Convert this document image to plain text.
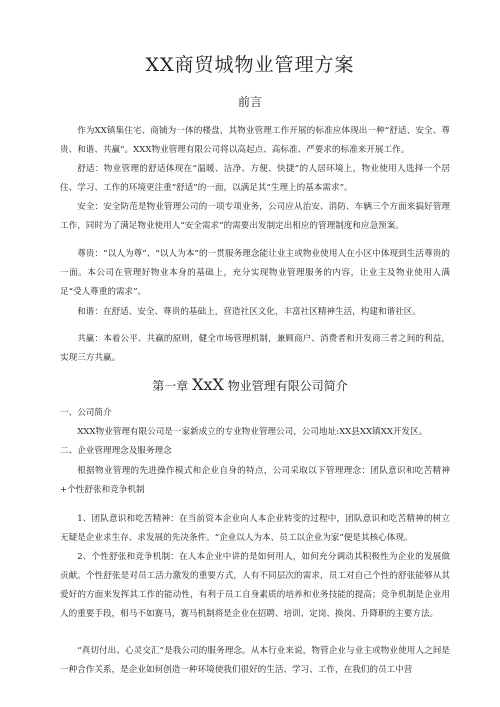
XX商贸城物业管理方案
前言

作为XX镇集住宅、商铺为一体的楼盘，其物业管理工作开展的标准应体现出一种“舒适、安全、尊贵、和谐、共赢”。XXX物业管理有限公司将以高起点、高标准、严要求的标准来开展工作。

舒适：物业管理的舒适体现在“温暖、洁净、方便、快捷”的人居环境上，物业使用人选择一个居住、学习、工作的环境更注重“舒适”的一面，以满足其“生理上的基本需求”。

安全：安全防范是物业管理公司的一项专项业务，公司应从治安、消防、车辆三个方面来搞好管理工作，同时为了满足物业使用人“安全需求”的需要出发制定出相应的管理制度和应急预案。

尊贵：“以人为尊”、“以人为本”的一贯服务理念能让业主或物业使用人在小区中体现到生活尊贵的一面。本公司在管理好物业本身的基础上，充分实现物业管理服务的内容，让业主及物业使用人满足“受人尊重的需求”。

和谐：在舒适、安全、尊贵的基础上，营造社区文化，丰富社区精神生活，构建和谐社区。

共赢：本着公平、共赢的原则，健全市场管理机制，兼顾商户、消费者和开发商三者之间的利益，实现三方共赢。

第一章 XxX 物业管理有限公司简介

一、公司简介

XXX物业管理有限公司是一家新成立的专业物业管理公司，公司地址:XX县XX镇XX开发区。

二、企业管理理念及服务理念

根据物业管理的先进操作模式和企业自身的特点，公司采取以下管理理念：团队意识和吃苦精神+个性舒张和竞争机制

1、团队意识和吃苦精神：在当前资本企业向人本企业转变的过程中，团队意识和吃苦精神的树立无疑是企业求生存、求发展的先决条件。“企业以人为本、员工以企业为家”便是其核心体现。

2、个性舒张和竞争机制：在人本企业中讲的是如何用人，如何充分调动其积极性为企业的发展做贡献。个性舒张是对员工活力激发的重要方式，人有不同层次的需求，员工对自己个性的舒张能够从其爱好的方面来发挥其工作的能动性，有利于员工自身素质的培养和业务技能的提高；竞争机制是企业用人的重要手段，相马不如赛马，赛马机制将是企业在招聘、培训、定岗、换岗、升降职的主要方法。

“真切付出、心灵交汇”是我公司的服务理念。从本行业来说，物管企业与业主或物业使用人之间是一种合作关系，是企业如何创造一种环境使我们很好的生活、学习、工作，在我们的员工中营
